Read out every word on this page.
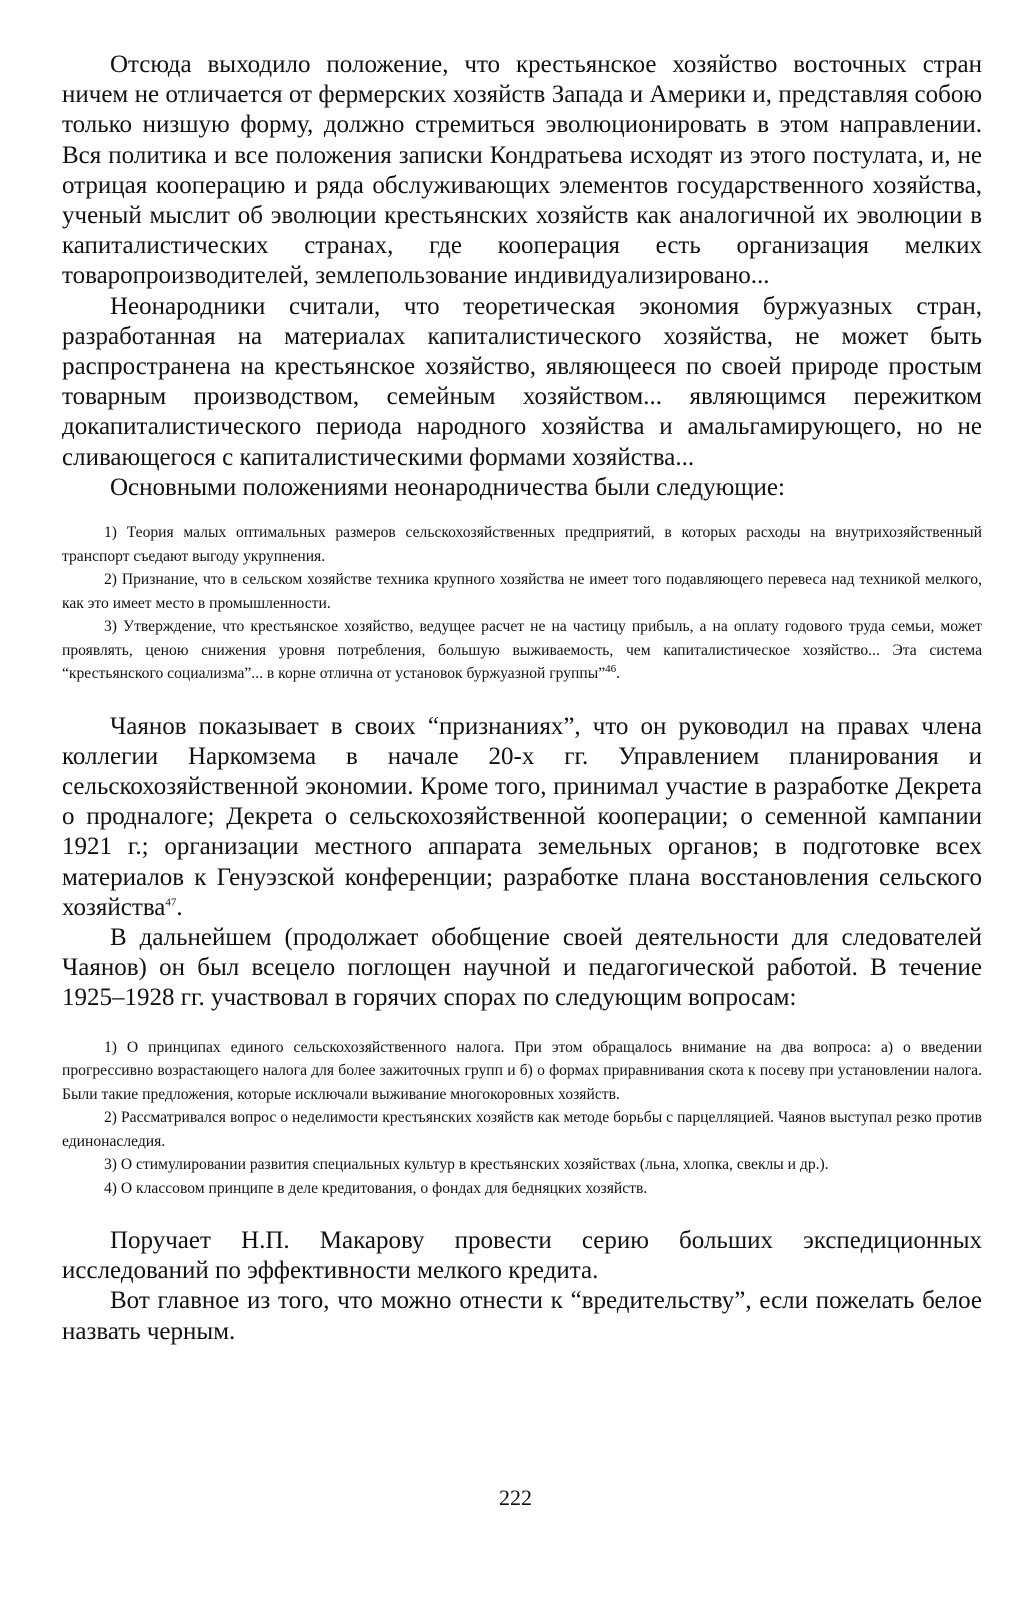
Отсюда выходило положение, что крестьянское хозяйство восточных стран ничем не отличается от фермерских хозяйств Запада и Америки и, представляя собою только низшую форму, должно стремиться эволюционировать в этом направлении. Вся политика и все положения записки Кондратьева исходят из этого постулата, и, не отрицая кооперацию и ряда обслуживающих элементов государственного хозяйства, ученый мыслит об эволюции крестьянских хозяйств как аналогичной их эволюции в капиталистических странах, где кооперация есть организация мелких товаропроизводителей, землепользование индивидуализировано...

Неонародники считали, что теоретическая экономия буржуазных стран, разработанная на материалах капиталистического хозяйства, не может быть распространена на крестьянское хозяйство, являющееся по своей природе простым товарным производством, семейным хозяйством... являющимся пережитком докапиталистического периода народного хозяйства и амальгамирующего, но не сливающегося с капиталистическими формами хозяйства...

Основными положениями неонародничества были следующие:

1) Теория малых оптимальных размеров сельскохозяйственных предприятий, в которых расходы на внутрихозяйственный транспорт съедают выгоду укрупнения.

2) Признание, что в сельском хозяйстве техника крупного хозяйства не имеет того подавляющего перевеса над техникой мелкого, как это имеет место в промышленности.

3) Утверждение, что крестьянское хозяйство, ведущее расчет не на частицу прибыль, а на оплату годового труда семьи, может проявлять, ценою снижения уровня потребления, большую выживаемость, чем капиталистическое хозяйство... Эта система “крестьянского социализма”... в корне отлична от установок буржуазной группы”$^{46}$.

Чаянов показывает в своих “признаниях”, что он руководил на правах члена коллегии Наркомзема в начале 20-х гг. Управлением планирования и сельскохозяйственной экономии. Кроме того, принимал участие в разработке Декрета о продналоге; Декрета о сельскохозяйственной кооперации; о семенной кампании 1921 г.; организации местного аппарата земельных органов; в подготовке всех материалов к Генуэзской конференции; разработке плана восстановления сельского хозяйства$^{47}$.

В дальнейшем (продолжает обобщение своей деятельности для следователей Чаянов) он был всецело поглощен научной и педагогической работой. В течение 1925–1928 гг. участвовал в горячих спорах по следующим вопросам:

1) О принципах единого сельскохозяйственного налога. При этом обращалось внимание на два вопроса: а) о введении прогрессивно возрастающего налога для более зажиточных групп и б) о формах приравнивания скота к посеву при установлении налога. Были такие предложения, которые исключали выживание многокоровных хозяйств.

2) Рассматривался вопрос о неделимости крестьянских хозяйств как методе борьбы с парцелляцией. Чаянов выступал резко против единонаследия.

3) О стимулировании развития специальных культур в крестьянских хозяйствах (льна, хлопка, свеклы и др.).

4) О классовом принципе в деле кредитования, о фондах для бедняцких хозяйств.

Поручает Н.П. Макарову провести серию больших экспедиционных исследований по эффективности мелкого кредита.

Вот главное из того, что можно отнести к “вредительству”, если пожелать белое назвать черным.

222
